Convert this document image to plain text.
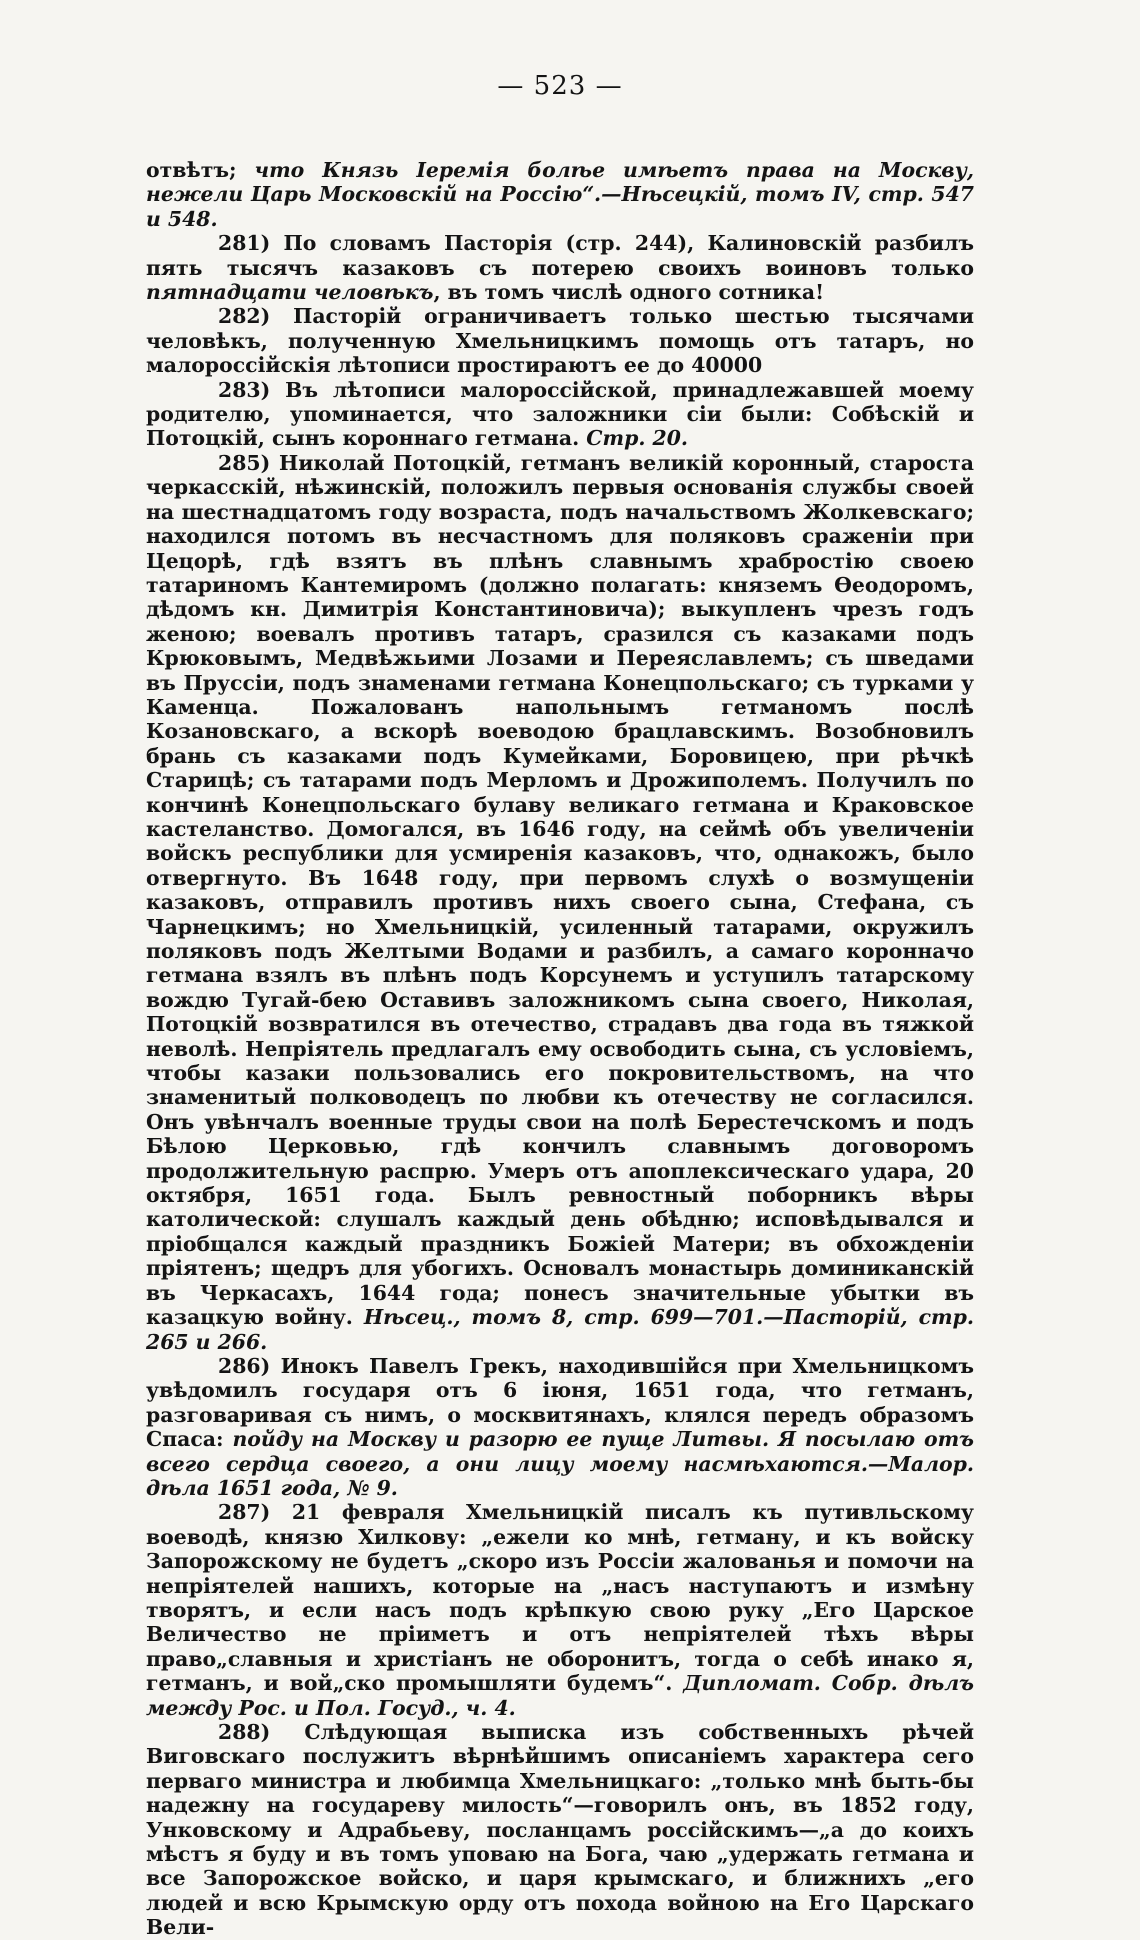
— 523 —

отвѣтъ; что Князь Іеремія болѣе имѣетъ права на Москву, нежели Царь Московскій на Россію“.—Нѣсецкій, томъ IV, стр. 547 и 548.

281) По словамъ Пасторія (стр. 244), Калиновскій разбилъ пять тысячъ казаковъ съ потерею своихъ воиновъ только пятнадцати человѣкъ, въ томъ числѣ одного сотника!

282) Пасторій ограничиваетъ только шестью тысячами человѣкъ, полученную Хмельницкимъ помощь отъ татаръ, но малороссійскія лѣтописи простираютъ ее до 40000

283) Въ лѣтописи малороссійской, принадлежавшей моему родителю, упоминается, что заложники сіи были: Собѣскій и Потоцкій, сынъ короннаго гетмана. Стр. 20.

285) Николай Потоцкій, гетманъ великій коронный, староста черкасскій, нѣжинскій, положилъ первыя основанія службы своей на шестнадцатомъ году возраста, подъ начальствомъ Жолкевскаго; находился потомъ въ несчастномъ для поляковъ сраженіи при Цецорѣ, гдѣ взятъ въ плѣнъ славнымъ храбростію своею татариномъ Кантемиромъ (должно полагать: княземъ Ѳеодоромъ, дѣдомъ кн. Димитрія Константиновича); выкупленъ чрезъ годъ женою; воевалъ противъ татаръ, сразился съ казаками подъ Крюковымъ, Медвѣжьими Лозами и Переяславлемъ; съ шведами въ Пруссіи, подъ знаменами гетмана Конецпольскаго; съ турками у Каменца. Пожалованъ напольнымъ гетманомъ послѣ Козановскаго, а вскорѣ воеводою брацлавскимъ. Возобновилъ брань съ казаками подъ Кумейками, Боровицею, при рѣчкѣ Старицѣ; съ татарами подъ Мерломъ и Дрожиполемъ. Получилъ по кончинѣ Конецпольскаго булаву великаго гетмана и Краковское кастеланство. Домогался, въ 1646 году, на сеймѣ объ увеличеніи войскъ республики для усмиренія казаковъ, что, однакожъ, было отвергнуто. Въ 1648 году, при первомъ слухѣ о возмущеніи казаковъ, отправилъ противъ нихъ своего сына, Стефана, съ Чарнецкимъ; но Хмельницкій, усиленный татарами, окружилъ поляковъ подъ Желтыми Водами и разбилъ, а самаго коронначо гетмана взялъ въ плѣнъ подъ Корсунемъ и уступилъ татарскому вождю Тугай-бею Оставивъ заложникомъ сына своего, Николая, Потоцкій возвратился въ отечество, страдавъ два года въ тяжкой неволѣ. Непріятель предлагалъ ему освободить сына, съ условіемъ, чтобы казаки пользовались его покровительствомъ, на что знаменитый полководецъ по любви къ отечеству не согласился. Онъ увѣнчалъ военные труды свои на полѣ Берестечскомъ и подъ Бѣлою Церковью, гдѣ кончилъ славнымъ договоромъ продолжительную распрю. Умеръ отъ апоплексическаго удара, 20 октября, 1651 года. Былъ ревностный поборникъ вѣры католической: слушалъ каждый день обѣдню; исповѣдывался и пріобщался каждый праздникъ Божіей Матери; въ обхожденіи пріятенъ; щедръ для убогихъ. Основалъ монастырь доминиканскій въ Черкасахъ, 1644 года; понесъ значительные убытки въ казацкую войну. Нѣсец., томъ 8, стр. 699—701.—Пасторій, стр. 265 и 266.

286) Инокъ Павелъ Грекъ, находившійся при Хмельницкомъ увѣдомилъ государя отъ 6 іюня, 1651 года, что гетманъ, разговаривая съ нимъ, о москвитянахъ, клялся передъ образомъ Спаса: пойду на Москву и разорю ее пуще Литвы. Я посылаю отъ всего сердца своего, а они лицу моему насмѣхаются.—Малор. дѣла 1651 года, № 9.

287) 21 февраля Хмельницкій писалъ къ путивльскому воеводѣ, князю Хилкову: „ежели ко мнѣ, гетману, и къ войску Запорожскому не будетъ „скоро изъ Россіи жалованья и помочи на непріятелей нашихъ, которые на „насъ наступаютъ и измѣну творятъ, и если насъ подъ крѣпкую свою руку „Его Царское Величество не пріиметъ и отъ непріятелей тѣхъ вѣры право„славныя и христіанъ не оборонитъ, тогда о себѣ инако я, гетманъ, и вой„ско промышляти будемъ“. Дипломат. Собр. дѣлъ между Рос. и Пол. Госуд., ч. 4.

288) Слѣдующая выписка изъ собственныхъ рѣчей Виговскаго послужитъ вѣрнѣйшимъ описаніемъ характера сего перваго министра и любимца Хмельницкаго: „только мнѣ быть-бы надежну на государеву милость“—говорилъ онъ, въ 1852 году, Унковскому и Адрабьеву, посланцамъ россійскимъ—„а до коихъ мѣстъ я буду и въ томъ уповаю на Бога, чаю „удержать гетмана и все Запорожское войско, и царя крымскаго, и ближнихъ „его людей и всю Крымскую орду отъ похода войною на Его Царскаго Вели-
